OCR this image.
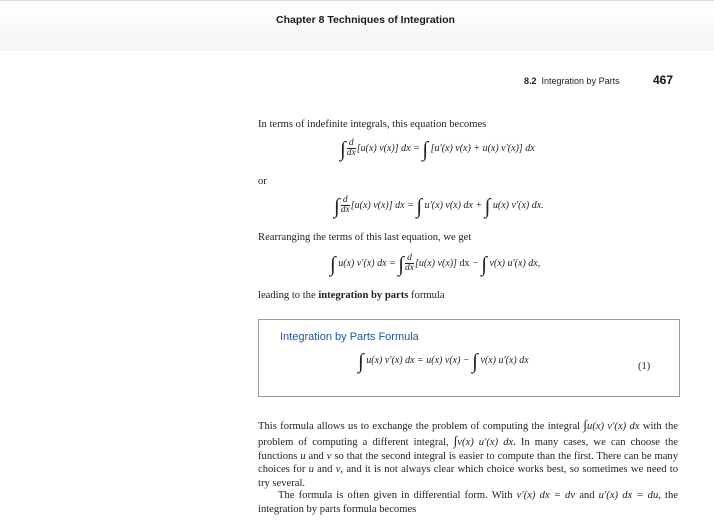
Chapter 8 Techniques of Integration
8.2 Integration by Parts	467
In terms of indefinite integrals, this equation becomes
∫ $\frac{d}{dx} [u(x)$ v(x)] dx = ∫ [u′(x) v(x) + u(x) v′(x)] dx
or
∫ $\frac{d}{dx} [u(x)$ v(x)] dx = ∫ u′(x) v(x) dx + ∫ u(x) v′(x) dx.
Rearranging the terms of this last equation, we get
∫ u(x) v′(x) dx = ∫ $\frac{d}{dx} [u(x)$ v(x)] dx − ∫ v(x) u′(x) dx,
leading to the integration by parts formula
Integration by Parts Formula
∫ u(x) v′(x) dx = u(x) v(x) − ∫ v(x) u′(x) dx
(1)
This formula allows us to exchange the problem of computing the integral ∫u(x) v′(x) dx with the problem of computing a different integral, ∫v(x) u′(x) dx. In many cases, we can choose the functions u and v so that the second integral is easier to compute than the first. There can be many choices for u and v, and it is not always clear which choice works best, so sometimes we need to try several.
The formula is often given in differential form. With v′(x) dx = dv and u′(x) dx = du, the integration by parts formula becomes
